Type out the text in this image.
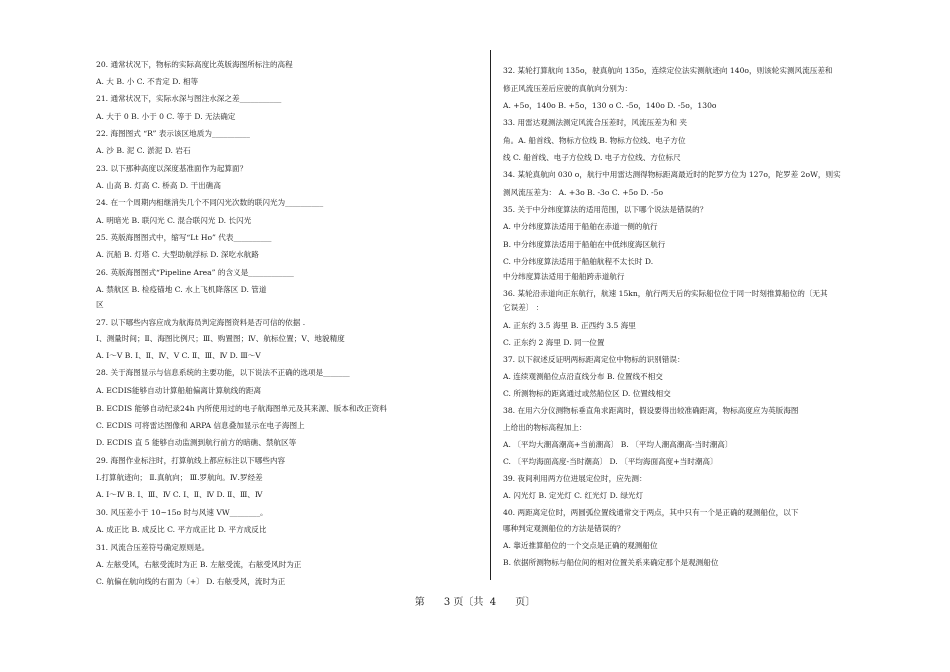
20. 通常状况下，物标的实际高度比英版海图所标注的高程
A. 大 B. 小 C. 不肯定 D. 相等
21. 通常状况下，实际水深与图注水深之差___________
A. 大于 0 B. 小于 0 C. 等于 D. 无法确定
22. 海图图式 “R” 表示该区地质为__________
A. 沙 B. 泥 C. 淤泥 D. 岩石
23. 以下那种高度以深度基准面作为起算面？
A. 山高 B. 灯高 C. 桥高 D. 干出礁高
24. 在一个周期内相继消失几个不同闪光次数的联闪光为__________
A. 明暗光 B. 联闪光 C. 混合联闪光 D. 长闪光
25. 英版海图图式中，缩写“Lt Ho” 代表__________
A. 沉船 B. 灯塔 C. 大型助航浮标 D. 深吃水航路
26. 英版海图图式“Pipeline Area” 的含义是____________
A. 禁航区 B. 检疫锚地 C. 水上飞机降落区 D. 管道
区
27. 以下哪些内容应成为航海员判定海图资料是否可信的依据 .
Ⅰ、测量时间；Ⅱ、海图比例尺；Ⅲ、购置图；Ⅳ、航标位置；V、地貌精度
A. Ⅰ～V B. Ⅰ、Ⅱ、Ⅳ、V C. Ⅱ、Ⅲ、Ⅳ D. Ⅲ～V
28. 关于海图显示与信息系统的主要功能，以下说法不正确的选项是_______
A. ECDIS能够自动计算船舶偏离计算航线的距离
B. ECDIS 能够自动纪录24h 内所使用过的电子航海图单元及其来源、版本和改正资料
C. ECDIS 可将雷达图像和 ARPA 信息叠加显示在电子海图上
D. ECDIS 直 5 能够自动监测到航行前方的暗礁、禁航区等
29. 海图作业标注时，打算航线上都应标注以下哪些内容
Ⅰ.打算航迹向； Ⅱ.真航向； Ⅲ.罗航向。Ⅳ.罗经差
A. Ⅰ～Ⅳ B. Ⅰ、Ⅲ、Ⅳ C. Ⅰ、Ⅱ、Ⅳ D. Ⅱ、Ⅲ、Ⅳ
30. 风压差小于 10~15o 时与风速 VW________。
A. 成正比 B. 成反比 C. 平方成正比 D. 平方成反比
31. 风流合压差符号确定原则是。
A. 左舷受风，右舷受流时为正 B. 左舷受流，右舷受风时为正
C. 航偏在航向线的右面为〔+〕 D. 右舷受风，流时为正
32. 某轮打算航向 135o，驶真航向 135o，连续定位法实测航迹向 140o，则该轮实测风流压差和
修正风流压差后应驶的真航向分别为：
A. +5o，140o B. +5o，130 o C. -5o，140o D. -5o，130o
33. 用雷达观测法测定风流合压差时，风流压差为和 夹
角。A. 船首线、物标方位线 B. 物标方位线、电子方位
线 C. 船首线、电子方位线 D. 电子方位线、方位标尺
34. 某轮真航向 030 o，航行中用雷达测得物标距离最近时的陀罗方位为 127o，陀罗差 2oW，则实
测风流压差为： A. +3o B. -3o C. +5o D. -5o
35. 关于中分纬度算法的适用范围，以下哪个说法是错误的？
A. 中分纬度算法适用于船舶在赤道一侧的航行
B. 中分纬度算法适用于船舶在中低纬度海区航行
C. 中分纬度算法适用于船舶航程不太长时 D.
中分纬度算法适用于船舶跨赤道航行
36. 某轮沿赤道向正东航行，航速 15kn，航行两天后的实际船位位于同一时刻推算船位的〔无其
它误差〕 ：
A. 正东约 3.5 海里 B. 正西约 3.5 海里
C. 正东约 2 海里 D. 同一位置
37. 以下叙述反证明两标距离定位中物标的识别错误：
A. 连续观测船位点沿直线分布 B. 位置线不相交
C. 所测物标的距离通过或然船位区 D. 位置线相交
38. 在用六分仪测物标垂直角求距离时，假设要得出较准确距离，物标高度应为英版海图
上给出的物标高程加上：
A. 〔平均大潮高潮高+当前潮高〕 B. 〔平均人潮高潮高-当时潮高〕
C. 〔平均海面高度-当时潮高〕 D. 〔平均海面高度+当时潮高〕
39. 夜间利用两方位进展定位时，应先测：
A. 闪光灯 B. 定光灯 C. 红光灯 D. 绿光灯
40. 两距离定位时，两圆弧位置线通常交于两点，其中只有一个是正确的观测船位，以下
哪种判定观测船位的方法是错误的？
A. 靠近推算船位的一个交点是正确的观测船位
B. 依据所测物标与船位间的相对位置关系来确定那个是观测船位
第      3 页〔共  4      页〕
